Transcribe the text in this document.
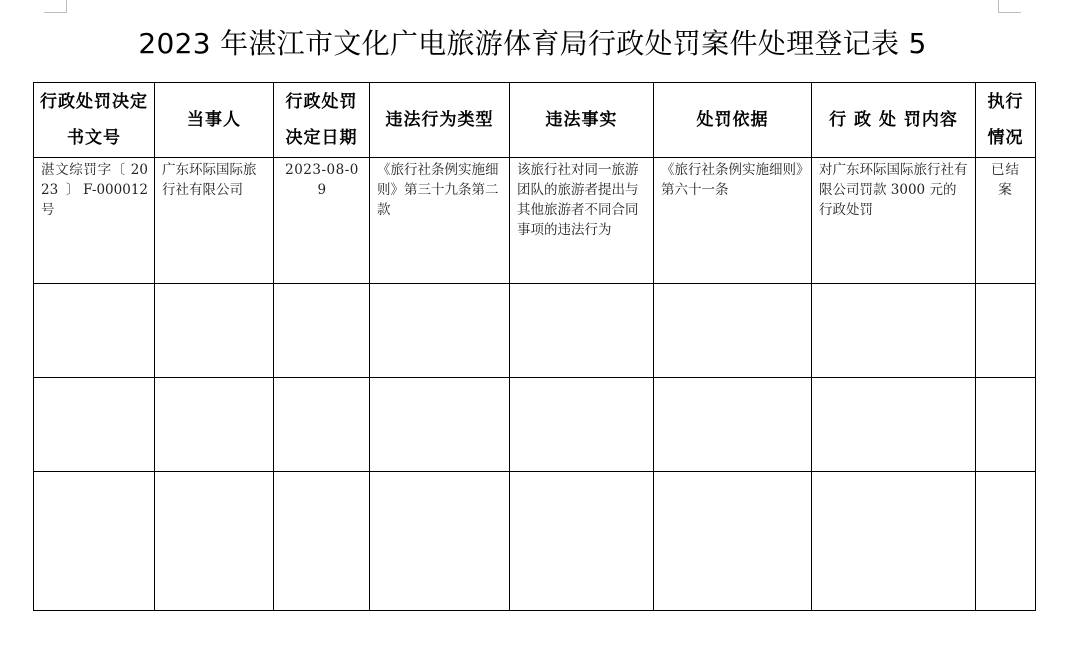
2023 年湛江市文化广电旅游体育局行政处罚案件处理登记表 5
行政处罚决定书文号	当事人	行政处罚决定日期	违法行为类型	违法事实	处罚依据	行 政 处 罚内容	执行情况

湛文综罚字〔 2023 〕F-000012 号	广东环际国际旅行社有限公司	2023-08-09	《旅行社条例实施细则》第三十九条第二款	该旅行社对同一旅游团队的旅游者提出与其他旅游者不同合同事项的违法行为	《旅行社条例实施细则》第六十一条	对广东环际国际旅行社有限公司罚款 3000 元的行政处罚	已结案
